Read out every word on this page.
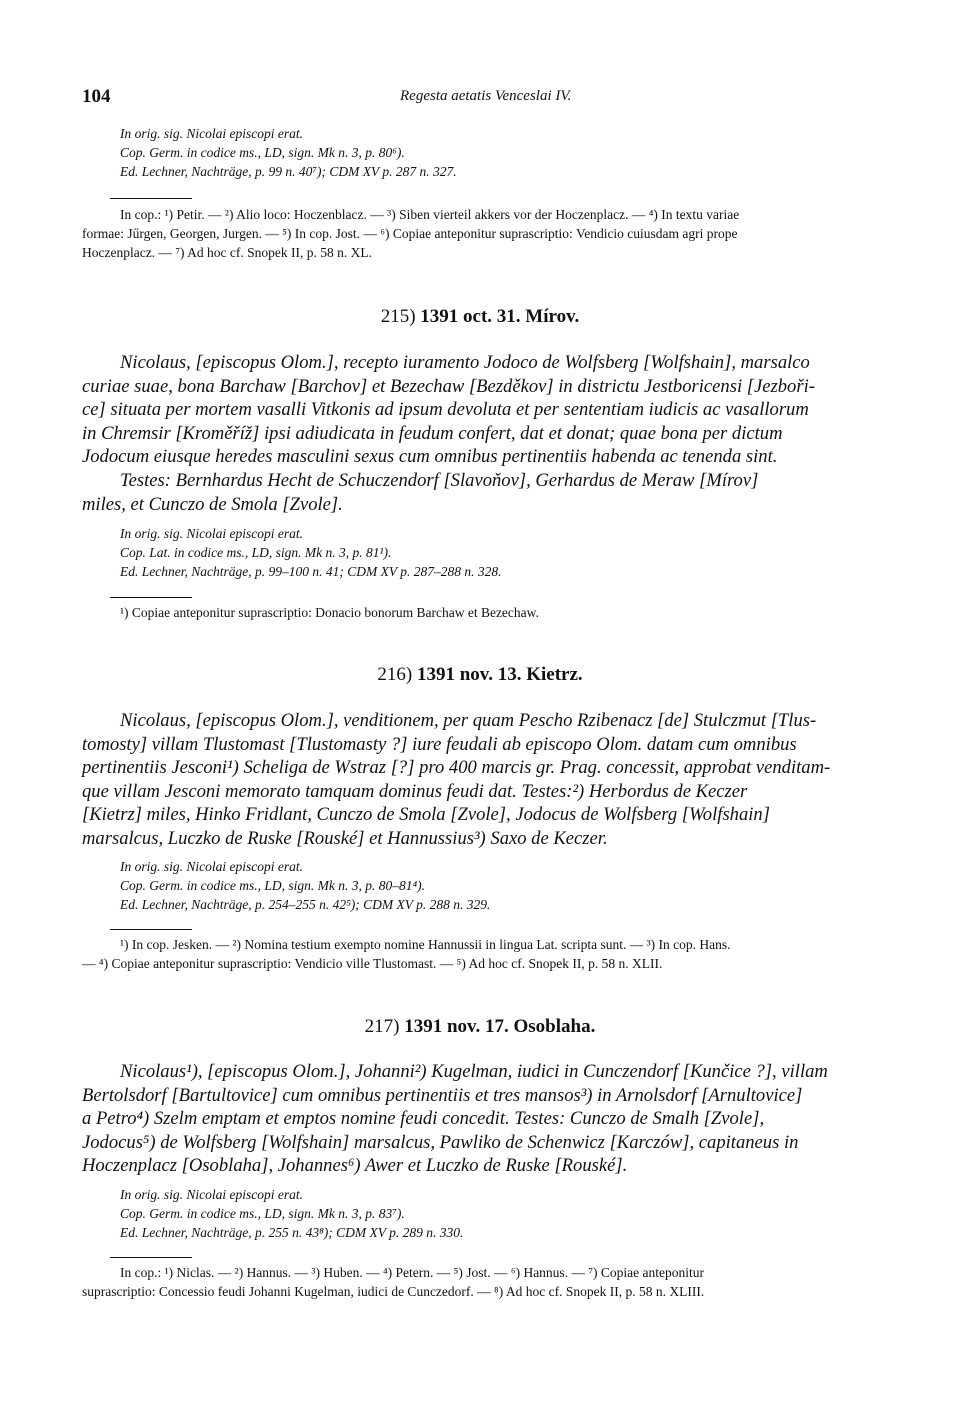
104	Regesta aetatis Venceslai IV.
In orig. sig. Nicolai episcopi erat.
Cop. Germ. in codice ms., LD, sign. Mk n. 3, p. 80⁶).
Ed. Lechner, Nachträge, p. 99 n. 40⁷); CDM XV p. 287 n. 327.
In cop.: ¹) Petir. — ²) Alio loco: Hoczenblacz. — ³) Siben vierteil akkers vor der Hoczenplacz. — ⁴) In textu variae
formae: Jűrgen, Georgen, Jurgen. — ⁵) In cop. Jost. — ⁶) Copiae anteponitur suprascriptio: Vendicio cuiusdam agri prope
Hoczenplacz. — ⁷) Ad hoc cf. Snopek II, p. 58 n. XL.
215) 1391 oct. 31. Mírov.
Nicolaus, [episcopus Olom.], recepto iuramento Jodoco de Wolfsberg [Wolfshain], marsalco
curiae suae, bona Barchaw [Barchov] et Bezechaw [Bezděkov] in districtu Jestboricensi [Jezboři-
ce] situata per mortem vasalli Vitkonis ad ipsum devoluta et per sententiam iudicis ac vasallorum
in Chremsir [Kroměříž] ipsi adiudicata in feudum confert, dat et donat; quae bona per dictum
Jodocum eiusque heredes masculini sexus cum omnibus pertinentiis habenda ac tenenda sint.
Testes: Bernhardus Hecht de Schuczendorf [Slavoňov], Gerhardus de Meraw [Mírov]
miles, et Cunczo de Smola [Zvole].
In orig. sig. Nicolai episcopi erat.
Cop. Lat. in codice ms., LD, sign. Mk n. 3, p. 81¹).
Ed. Lechner, Nachträge, p. 99–100 n. 41; CDM XV p. 287–288 n. 328.
¹) Copiae anteponitur suprascriptio: Donacio bonorum Barchaw et Bezechaw.
216) 1391 nov. 13. Kietrz.
Nicolaus, [episcopus Olom.], venditionem, per quam Pescho Rzibenacz [de] Stulczmut [Tlus-
tomosty] villam Tlustomast [Tlustomasty ?] iure feudali ab episcopo Olom. datam cum omnibus
pertinentiis Jesconi¹) Scheliga de Wstraz [?] pro 400 marcis gr. Prag. concessit, approbat venditam-
que villam Jesconi memorato tamquam dominus feudi dat. Testes:²) Herbordus de Keczer
[Kietrz] miles, Hinko Fridlant, Cunczo de Smola [Zvole], Jodocus de Wolfsberg [Wolfshain]
marsalcus, Luczko de Ruske [Rouské] et Hannussius³) Saxo de Keczer.
In orig. sig. Nicolai episcopi erat.
Cop. Germ. in codice ms., LD, sign. Mk n. 3, p. 80–81⁴).
Ed. Lechner, Nachträge, p. 254–255 n. 42⁵); CDM XV p. 288 n. 329.
¹) In cop. Jesken. — ²) Nomina testium exempto nomine Hannussii in lingua Lat. scripta sunt. — ³) In cop. Hans.
— ⁴) Copiae anteponitur suprascriptio: Vendicio ville Tlustomast. — ⁵) Ad hoc cf. Snopek II, p. 58 n. XLII.
217) 1391 nov. 17. Osoblaha.
Nicolaus¹), [episcopus Olom.], Johanni²) Kugelman, iudici in Cunczendorf [Kunčice ?], villam
Bertolsdorf [Bartultovice] cum omnibus pertinentiis et tres mansos³) in Arnolsdorf [Arnultovice]
a Petro⁴) Szelm emptam et emptos nomine feudi concedit. Testes: Cunczo de Smalh [Zvole],
Jodocus⁵) de Wolfsberg [Wolfshain] marsalcus, Pawliko de Schenwicz [Karczów], capitaneus in
Hoczenplacz [Osoblaha], Johannes⁶) Awer et Luczko de Ruske [Rouské].
In orig. sig. Nicolai episcopi erat.
Cop. Germ. in codice ms., LD, sign. Mk n. 3, p. 83⁷).
Ed. Lechner, Nachträge, p. 255 n. 43⁸); CDM XV p. 289 n. 330.
In cop.: ¹) Niclas. — ²) Hannus. — ³) Huben. — ⁴) Petern. — ⁵) Jost. — ⁶) Hannus. — ⁷) Copiae anteponitur
suprascriptio: Concessio feudi Johanni Kugelman, iudici de Cunczedorf. — ⁸) Ad hoc cf. Snopek II, p. 58 n. XLIII.
